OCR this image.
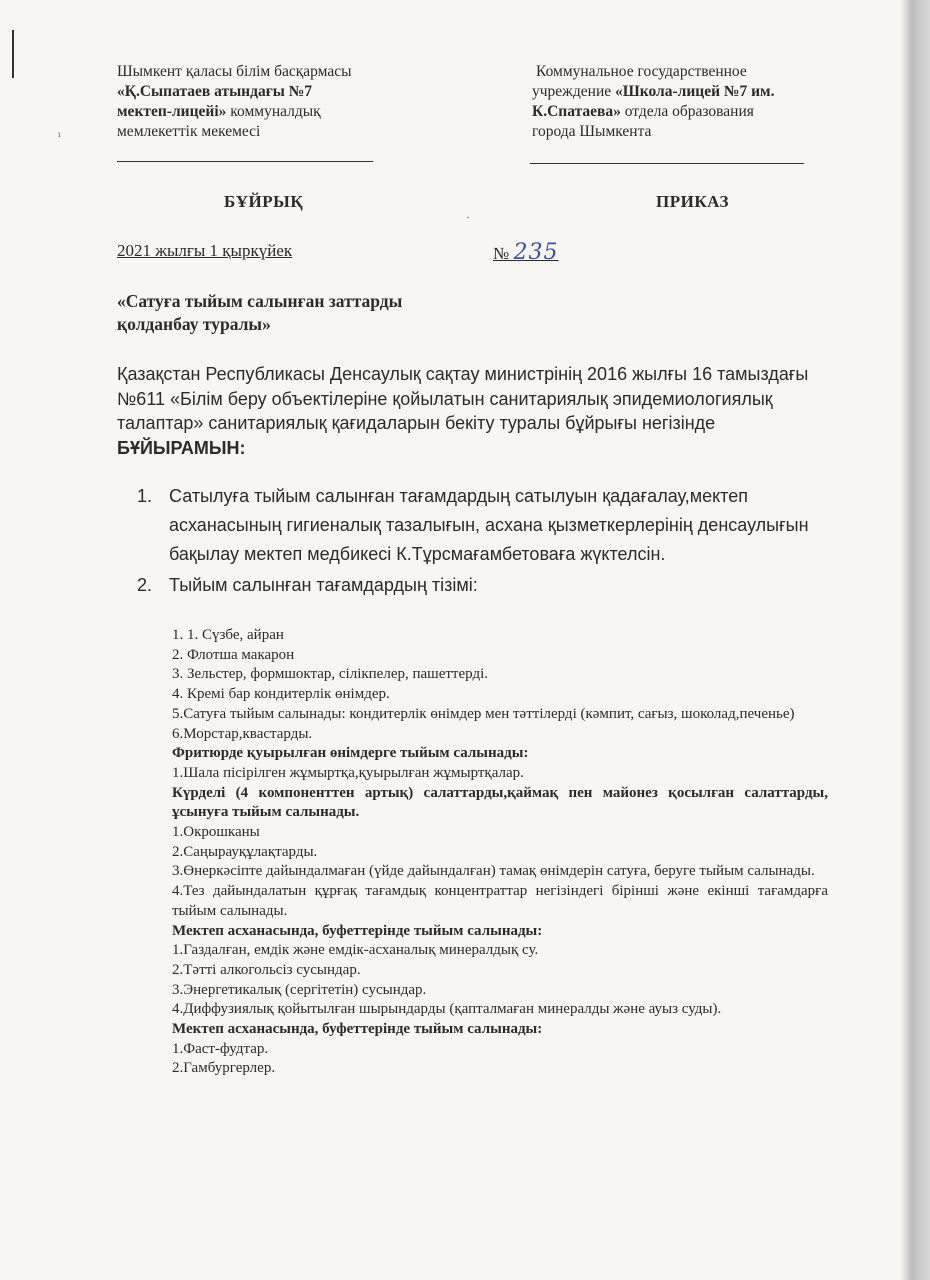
ⁱ
Шымкент қаласы білім басқармасы
«Қ.Сыпатаев атындағы №7
мектеп-лицейі» коммуналдық
мемлекеттік мекемесі
Коммунальное государственное
учреждение «Школа-лицей №7 им.
К.Спатаева» отдела образования
города Шымкента
БҰЙРЫҚ	ПРИКАЗ
·
2021 жылғы 1 қыркүйек	№ 235
«Сатуға тыйым салынған заттарды
қолданбау туралы»
Қазақстан Республикасы Денсаулық сақтау министрінің 2016 жылғы 16 тамыздағы №611 «Білім беру объектілеріне қойылатын санитариялық эпидемиологиялық талаптар» санитариялық қағидаларын бекіту туралы бұйрығы негізінде БҰЙЫРАМЫН:
1. Сатылуға тыйым салынған тағамдардың сатылуын қадағалау,мектеп асханасының гигиеналық тазалығын, асхана қызметкерлерінің денсаулығын бақылау мектеп медбикесі К.Тұрсмағамбетоваға жүктелсін.
2. Тыйым салынған тағамдардың тізімі:
1. 1. Сүзбе, айран
2. Флотша макарон
3. Зельстер, формшоктар, сілікпелер, пашеттерді.
4. Кремі бар кондитерлік өнімдер.
5.Сатуға тыйым салынады: кондитерлік өнімдер мен тәттілерді (кәмпит, сағыз, шоколад,печенье)
6.Морстар,квастарды.
Фритюрде қуырылған өнімдерге тыйым салынады:
1.Шала пісірілген жұмыртқа,қуырылған жұмыртқалар.
Күрделі (4 компоненттен артық) салаттарды,қаймақ пен майонез қосылған салаттарды, ұсынуға тыйым салынады.
1.Окрошканы
2.Саңырауқұлақтарды.
3.Өнеркәсіпте дайындалмаған (үйде дайындалған) тамақ өнімдерін сатуға, беруге тыйым салынады.
4.Тез дайындалатын құрғақ тағамдық концентраттар негізіндегі бірінші және екінші тағамдарға тыйым салынады.
Мектеп асханасында, буфеттерінде тыйым салынады:
1.Газдалған, емдік және емдік-асханалық минералдық су.
2.Тәтті алкогольсіз сусындар.
3.Энергетикалық (сергітетін) сусындар.
4.Диффузиялық қойытылған шырындарды (қапталмаған минералды және ауыз суды).
Мектеп асханасында, буфеттерінде тыйым салынады:
1.Фаст-фудтар.
2.Гамбургерлер.
